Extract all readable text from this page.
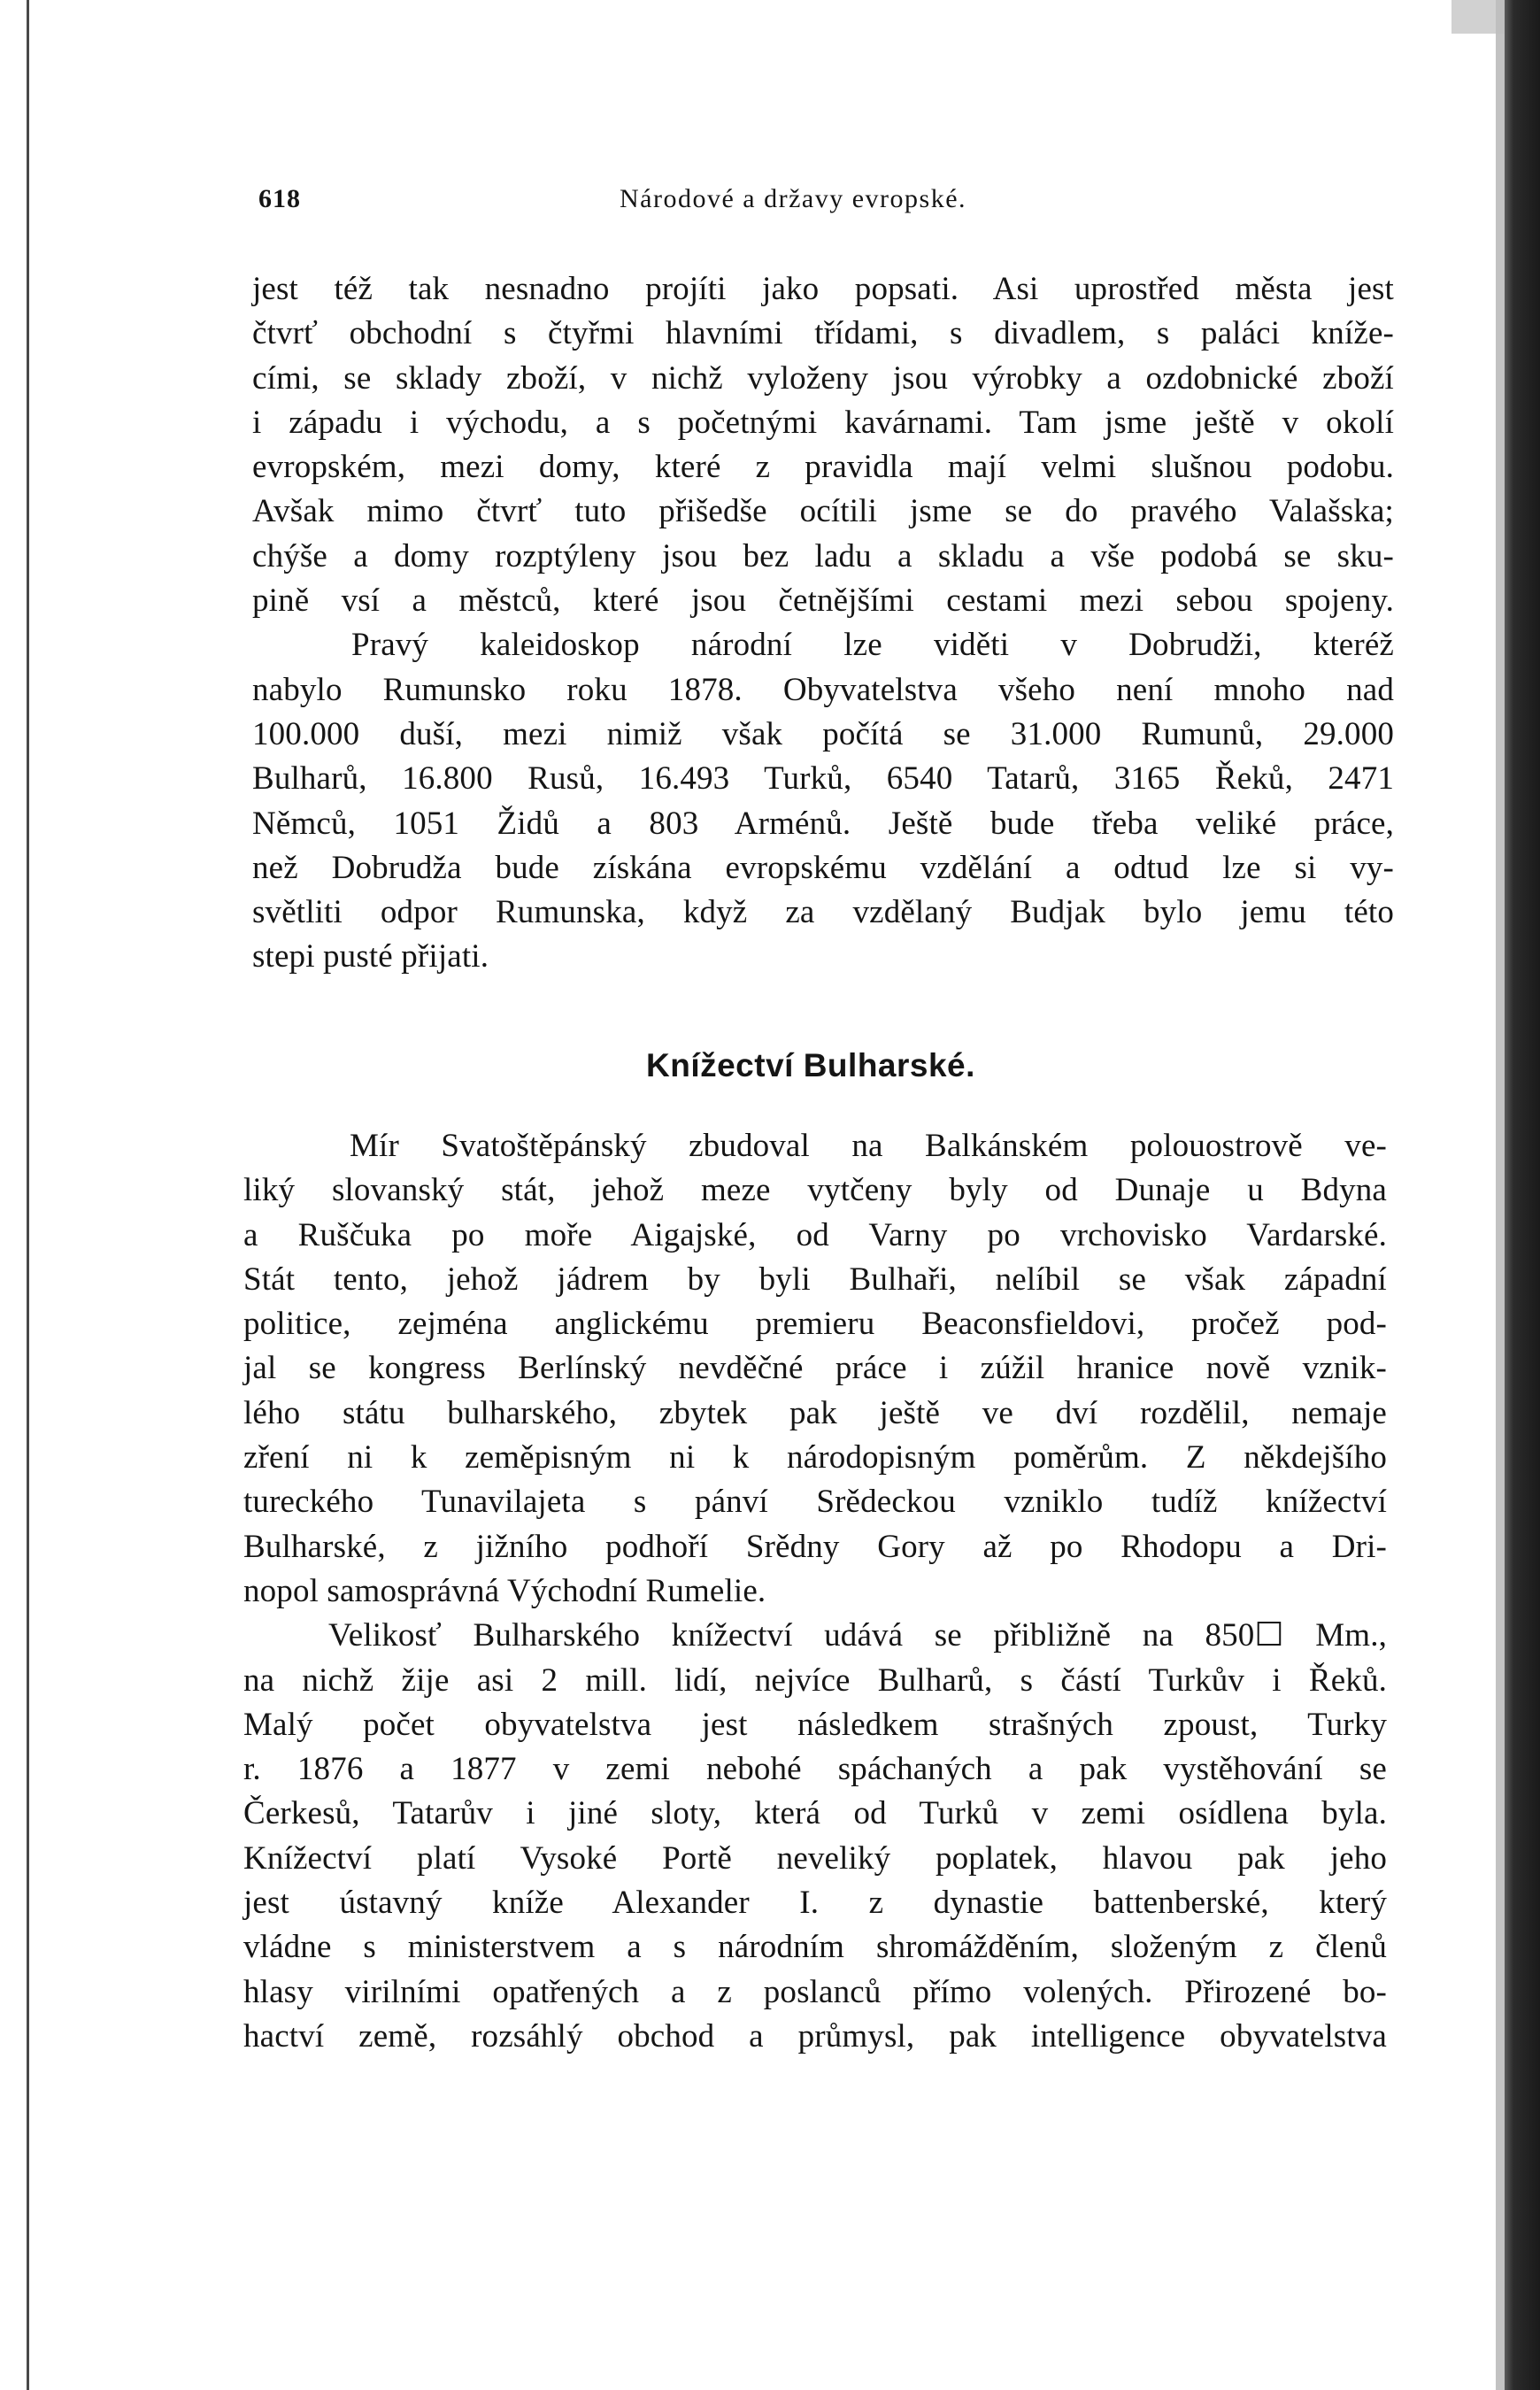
618	Národové a državy evropské.
jest též tak nesnadno projíti jako popsati. Asi uprostřed města jest
čtvrť obchodní s čtyřmi hlavními třídami, s divadlem, s paláci kníže-
cími, se sklady zboží, v nichž vyloženy jsou výrobky a ozdobnické zboží
i západu i východu, a s početnými kavárnami. Tam jsme ještě v okolí
evropském, mezi domy, které z pravidla mají velmi slušnou podobu.
Avšak mimo čtvrť tuto přišedše ocítili jsme se do pravého Valašska;
chýše a domy rozptýleny jsou bez ladu a skladu a vše podobá se sku-
pině vsí a městců, které jsou četnějšími cestami mezi sebou spojeny.
Pravý kaleidoskop národní lze viděti v Dobrudži, kteréž
nabylo Rumunsko roku 1878. Obyvatelstva všeho není mnoho nad
100.000 duší, mezi nimiž však počítá se 31.000 Rumunů, 29.000
Bulharů, 16.800 Rusů, 16.493 Turků, 6540 Tatarů, 3165 Řeků, 2471
Němců, 1051 Židů a 803 Arménů. Ještě bude třeba veliké práce,
než Dobrudža bude získána evropskému vzdělání a odtud lze si vy-
světliti odpor Rumunska, když za vzdělaný Budjak bylo jemu této
stepi pusté přijati.
Knížectví Bulharské.
Mír Svatoštěpánský zbudoval na Balkánském polouostrově ve-
liký slovanský stát, jehož meze vytčeny byly od Dunaje u Bdyna
a Ruščuka po moře Aigajské, od Varny po vrchovisko Vardarské.
Stát tento, jehož jádrem by byli Bulhaři, nelíbil se však západní
politice, zejména anglickému premieru Beaconsfieldovi, pročež pod-
jal se kongress Berlínský nevděčné práce i zúžil hranice nově vznik-
lého státu bulharského, zbytek pak ještě ve dví rozdělil, nemaje
zření ni k zeměpisným ni k národopisným poměrům. Z někdejšího
tureckého Tunavilajeta s pánví Srědeckou vzniklo tudíž knížectví
Bulharské, z jižního podhoří Srědny Gory až po Rhodopu a Dri-
nopol samosprávná Východní Rumelie.
Velikosť Bulharského knížectví udává se přibližně na 850☐ Mm.,
na nichž žije asi 2 mill. lidí, nejvíce Bulharů, s částí Turkův i Řeků.
Malý počet obyvatelstva jest následkem strašných zpoust, Turky
r. 1876 a 1877 v zemi nebohé spáchaných a pak vystěhování se
Čerkesů, Tatarův i jiné sloty, která od Turků v zemi osídlena byla.
Knížectví platí Vysoké Portě neveliký poplatek, hlavou pak jeho
jest ústavný kníže Alexander I. z dynastie battenberské, který
vládne s ministerstvem a s národním shromážděním, složeným z členů
hlasy virilními opatřených a z poslanců přímo volených. Přirozené bo-
hactví země, rozsáhlý obchod a průmysl, pak intelligence obyvatelstva
